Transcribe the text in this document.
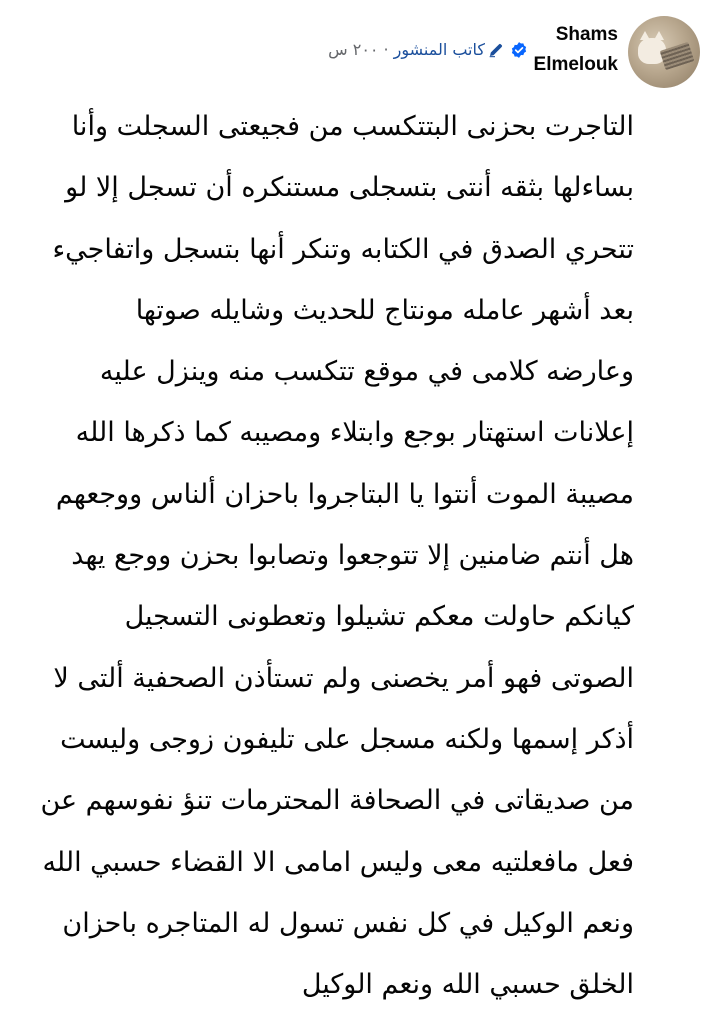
Shams
Elmelouk
كاتب المنشور
·
٢٠٠ س
التاجرت بحزنى البتتكسب من فجيعتى السجلت وأنا
بساءلها بثقه أنتى بتسجلى مستنكره أن تسجل إلا لو
تتحري الصدق في الكتابه وتنكر أنها بتسجل واتفاجيء
بعد أشهر عامله مونتاج للحديث وشايله صوتها
وعارضه كلامى في موقع تتكسب منه وينزل عليه
إعلانات استهتار بوجع وابتلاء ومصيبه كما ذكرها الله
مصيبة الموت أنتوا يا البتاجروا باحزان ألناس ووجعهم
هل أنتم ضامنين إلا تتوجعوا وتصابوا بحزن ووجع يهد
كيانكم حاولت معكم تشيلوا وتعطونى التسجيل
الصوتى فهو أمر يخصنى ولم تستأذن الصحفية ألتى لا
أذكر إسمها ولكنه مسجل على تليفون زوجى وليست
من صديقاتى في الصحافة المحترمات تنؤ نفوسهم عن
فعل مافعلتيه معى وليس امامى الا القضاء حسبي الله
ونعم الوكيل في كل نفس تسول له المتاجره باحزان
الخلق حسبي الله ونعم الوكيل
